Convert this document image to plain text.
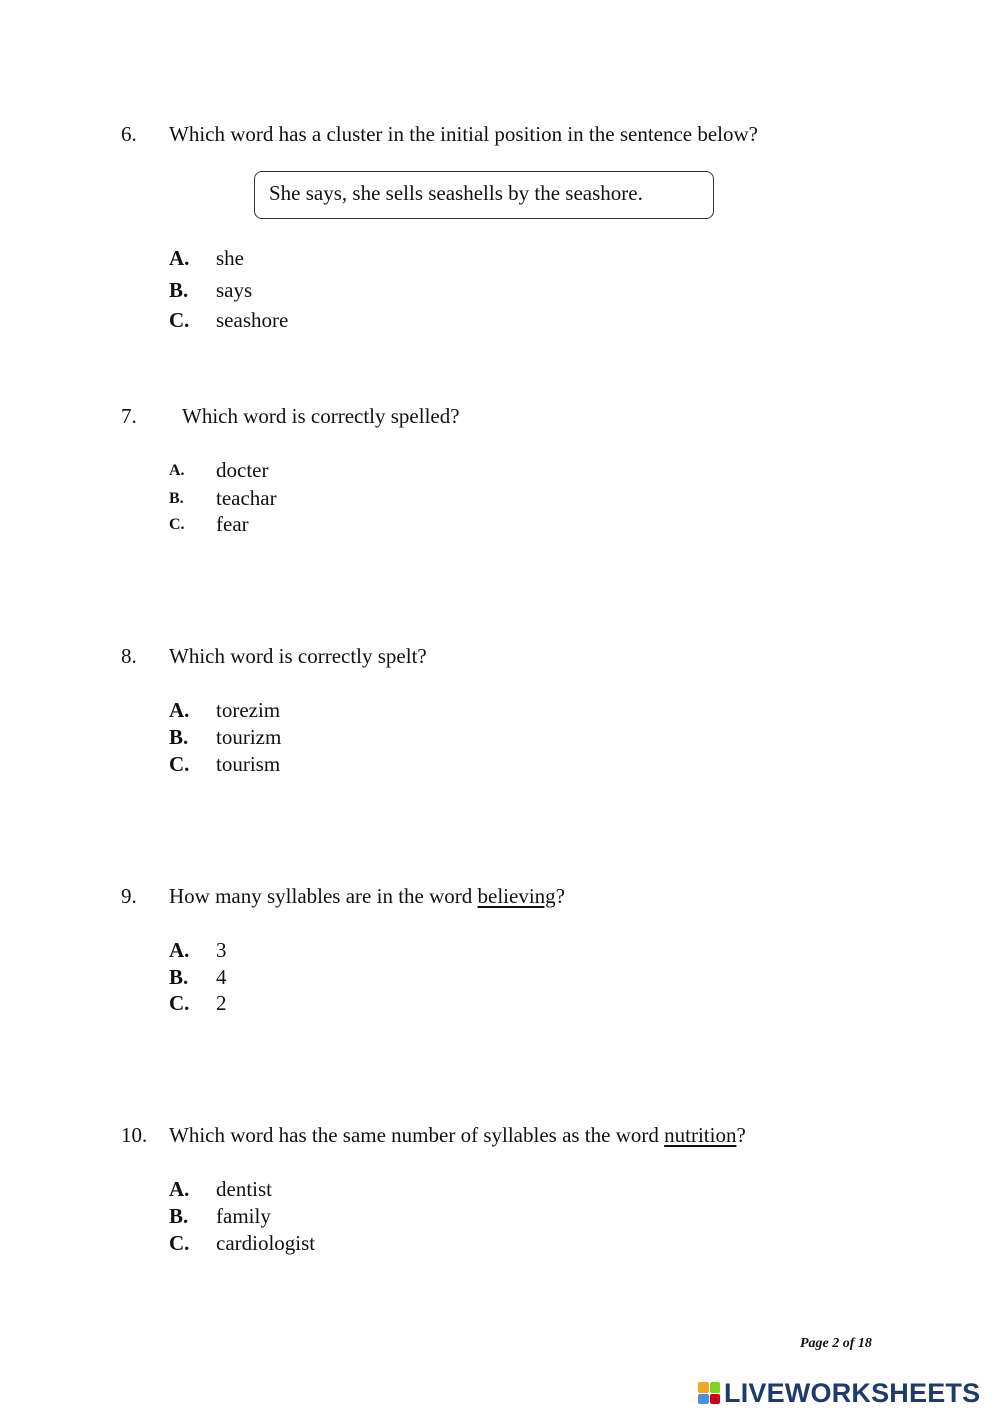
6. Which word has a cluster in the initial position in the sentence below?
She says, she sells seashells by the seashore.
A. she
B. says
C. seashore
7. Which word is correctly spelled?
A. docter
B. teachar
C. fear
8. Which word is correctly spelt?
A. torezim
B. tourizm
C. tourism
9. How many syllables are in the word believing?
A. 3
B. 4
C. 2
10. Which word has the same number of syllables as the word nutrition?
A. dentist
B. family
C. cardiologist
Page 2 of 18
LIVEWORKSHEETS
